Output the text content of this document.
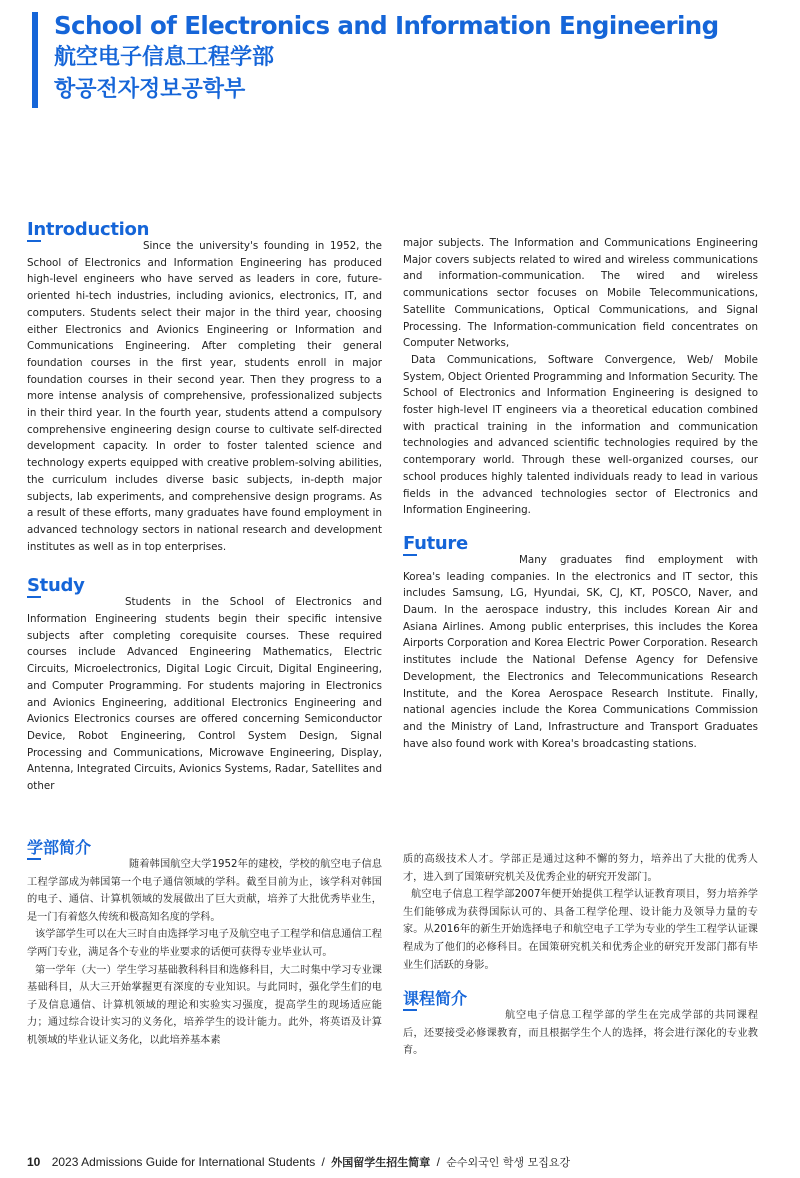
School of Electronics and Information Engineering
航空电子信息工程学部
항공전자정보공학부
Introduction

Since the university's founding in 1952, the School of Electronics and Information Engineering has produced high-level engineers who have served as leaders in core, future-oriented hi-tech industries, including avionics, electronics, IT, and computers. Students select their major in the third year, choosing either Electronics and Avionics Engineering or Information and Communications Engineering. After completing their general foundation courses in the first year, students enroll in major foundation courses in their second year. Then they progress to a more intense analysis of comprehensive, professionalized subjects in their third year. In the fourth year, students attend a compulsory comprehensive engineering design course to cultivate self-directed development capacity. In order to foster talented science and technology experts equipped with creative problem-solving abilities, the curriculum includes diverse basic subjects, in-depth major subjects, lab experiments, and comprehensive design programs. As a result of these efforts, many graduates have found employment in advanced technology sectors in national research and development institutes as well as in top enterprises.

Study

Students in the School of Electronics and Information Engineering students begin their specific intensive subjects after completing corequisite courses. These required courses include Advanced Engineering Mathematics, Electric Circuits, Microelectronics, Digital Logic Circuit, Digital Engineering, and Computer Programming. For students majoring in Electronics and Avionics Engineering, additional Electronics Engineering and Avionics Electronics courses are offered concerning Semiconductor Device, Robot Engineering, Control System Design, Signal Processing and Communications, Microwave Engineering, Display, Antenna, Integrated Circuits, Avionics Systems, Radar, Satellites and other

major subjects. The Information and Communications Engineering Major covers subjects related to wired and wireless communications and information-communication. The wired and wireless communications sector focuses on Mobile Telecommunications, Satellite Communications, Optical Communications, and Signal Processing. The Information-communication field concentrates on Computer Networks,

Data Communications, Software Convergence, Web/ Mobile System, Object Oriented Programming and Information Security. The School of Electronics and Information Engineering is designed to foster high-level IT engineers via a theoretical education combined with practical training in the information and communication technologies and advanced scientific technologies required by the contemporary world. Through these well-organized courses, our school produces highly talented individuals ready to lead in various fields in the advanced technologies sector of Electronics and Information Engineering.

Future

Many graduates find employment with Korea's leading companies. In the electronics and IT sector, this includes Samsung, LG, Hyundai, SK, CJ, KT, POSCO, Naver, and Daum. In the aerospace industry, this includes Korean Air and Asiana Airlines. Among public enterprises, this includes the Korea Airports Corporation and Korea Electric Power Corporation. Research institutes include the National Defense Agency for Defensive Development, the Electronics and Telecommunications Research Institute, and the Korea Aerospace Research Institute. Finally, national agencies include the Korea Communications Commission and the Ministry of Land, Infrastructure and Transport Graduates have also found work with Korea's broadcasting stations.

学部简介

随着韩国航空大学1952年的建校，学校的航空电子信息工程学部成为韩国第一个电子通信领域的学科。截至目前为止，该学科对韩国的电子、通信、计算机领域的发展做出了巨大贡献，培养了大批优秀毕业生，是一门有着悠久传统和极高知名度的学科。

该学部学生可以在大三时自由选择学习电子及航空电子工程学和信息通信工程学两门专业，满足各个专业的毕业要求的话便可获得专业毕业认可。

第一学年（大一）学生学习基础教科科目和选修科目，大二时集中学习专业课基础科目，从大三开始掌握更有深度的专业知识。与此同时，强化学生们的电子及信息通信、计算机领域的理论和实验实习强度，提高学生的现场适应能力；通过综合设计实习的义务化，培养学生的设计能力。此外，将英语及计算机领域的毕业认证义务化，以此培养基本素

质的高级技术人才。学部正是通过这种不懈的努力，培养出了大批的优秀人才，进入到了国策研究机关及优秀企业的研究开发部门。

航空电子信息工程学部2007年便开始提供工程学认证教育项目，努力培养学生们能够成为获得国际认可的、具备工程学伦理、设计能力及领导力量的专家。从2016年的新生开始选择电子和航空电子工学为专业的学生工程学认证课程成为了他们的必修科目。在国策研究机关和优秀企业的研究开发部门都有毕业生们活跃的身影。

课程简介

航空电子信息工程学部的学生在完成学部的共同课程后，还要接受必修课教育，而且根据学生个人的选择，将会进行深化的专业教育。

10 2023 Admissions Guide for International Students / 外国留学生招生简章 / 순수외국인 학생 모집요강
